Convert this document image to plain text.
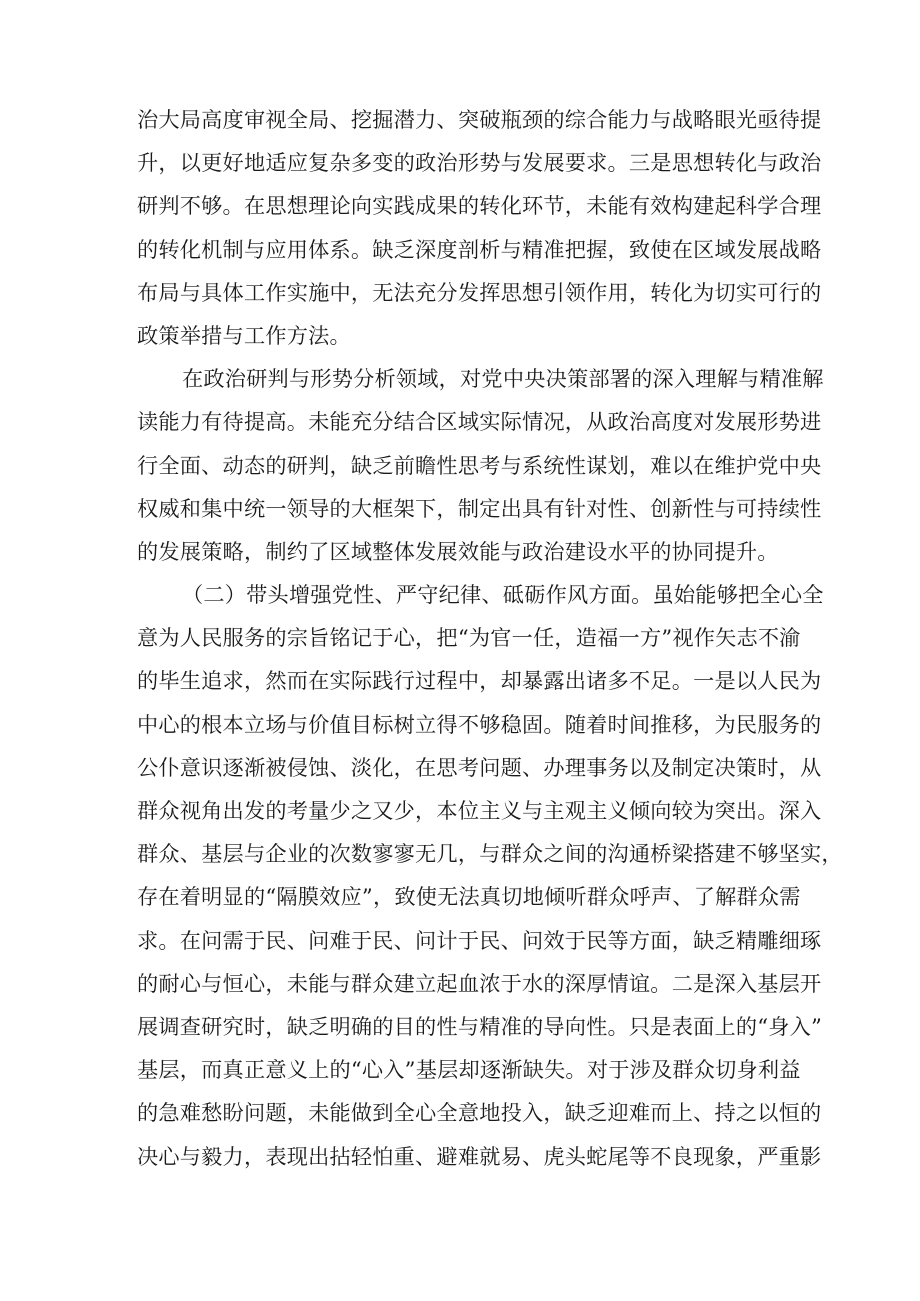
治大局高度审视全局、挖掘潜力、突破瓶颈的综合能力与战略眼光亟待提
升，以更好地适应复杂多变的政治形势与发展要求。三是思想转化与政治
研判不够。在思想理论向实践成果的转化环节，未能有效构建起科学合理
的转化机制与应用体系。缺乏深度剖析与精准把握，致使在区域发展战略
布局与具体工作实施中，无法充分发挥思想引领作用，转化为切实可行的
政策举措与工作方法。
在政治研判与形势分析领域，对党中央决策部署的深入理解与精准解
读能力有待提高。未能充分结合区域实际情况，从政治高度对发展形势进
行全面、动态的研判，缺乏前瞻性思考与系统性谋划，难以在维护党中央
权威和集中统一领导的大框架下，制定出具有针对性、创新性与可持续性
的发展策略，制约了区域整体发展效能与政治建设水平的协同提升。
（二）带头增强党性、严守纪律、砥砺作风方面。虽始能够把全心全
意为人民服务的宗旨铭记于心，把“为官一任，造福一方”视作矢志不渝
的毕生追求，然而在实际践行过程中，却暴露出诸多不足。一是以人民为
中心的根本立场与价值目标树立得不够稳固。随着时间推移，为民服务的
公仆意识逐渐被侵蚀、淡化，在思考问题、办理事务以及制定决策时，从
群众视角出发的考量少之又少，本位主义与主观主义倾向较为突出。深入
群众、基层与企业的次数寥寥无几，与群众之间的沟通桥梁搭建不够坚实，
存在着明显的“隔膜效应”，致使无法真切地倾听群众呼声、了解群众需
求。在问需于民、问难于民、问计于民、问效于民等方面，缺乏精雕细琢
的耐心与恒心，未能与群众建立起血浓于水的深厚情谊。二是深入基层开
展调查研究时，缺乏明确的目的性与精准的导向性。只是表面上的“身入”
基层，而真正意义上的“心入”基层却逐渐缺失。对于涉及群众切身利益
的急难愁盼问题，未能做到全心全意地投入，缺乏迎难而上、持之以恒的
决心与毅力，表现出拈轻怕重、避难就易、虎头蛇尾等不良现象，严重影
